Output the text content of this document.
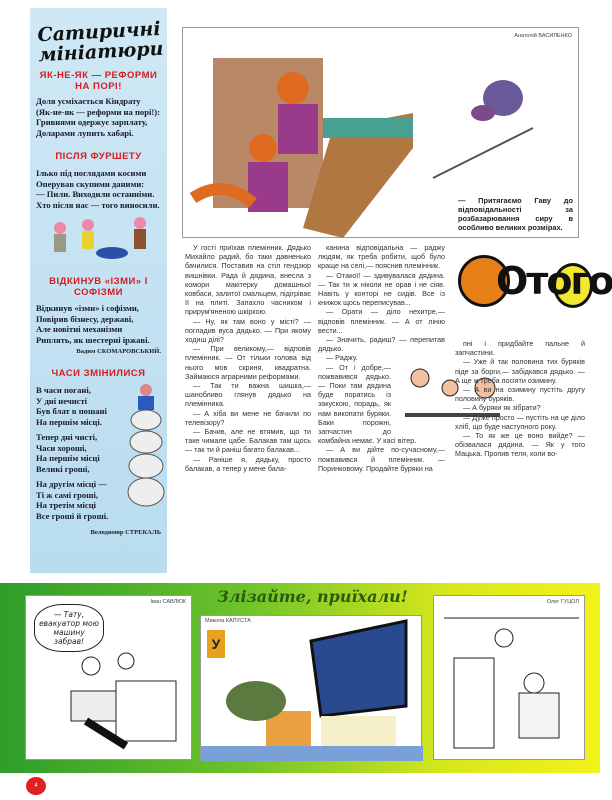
Сатиричні мініатюри
ЯК-НЕ-ЯК — РЕФОРМИ НА ПОРІ!
Доля усміхається Кіндрату
(Як-не-як — реформи на порі!):
Гривнями одержує зарплату,
Доларами лупить хабарі.
ПІСЛЯ ФУРШЕТУ
Ілько під поглядами косими
Оперував скупими даними:
— Пили. Виходили останніми.
Хто після нас — того виносили.
ВІДКИНУВ «ІЗМИ» І СОФІЗМИ
Відкинув «ізми» і софізми,
Повірив бізнесу, державі,
Але новітні механізми
Риплять, як шестерні іржаві.
Вадим СКОМАРОВСЬКИЙ.
ЧАСИ ЗМІНИЛИСЯ
В часи погані,
У дні нечисті
Був блат в пошані
На першім місці.
Тепер дні чисті,
Часи хороші,
На першім місці
Великі гроші,
На другім місці —
Ті ж самі гроші,
На третім місці
Все гроші й гроші.
Володимир СТРЕКАЛЬ
Анатолій ВАСИЛЕНКО
— Притягаємо Гаву до відповідальності за розбазарювання сиру в особливо великих розмірах.

У гості приїхав племінник. Дядько Михайло радий, бо таки давненько бачилися. Поставив на стіл гендзюр вишнівки. Рада й дядина, внесла з комори макітерку домашньої ковбаси, залитої смальцем, підігріває її на плиті. Запахло часником і прирум'яненою шкіркою.

— Ну, як там воно у місті? — погладив вуса дядько. — При якому ходиш ділі?

— При великому,— відповів племінник. — От тільки голова від нього мов скриня, квадратна. Займаюся аграрними реформами.

— Так ти важна шишка,— шанобливо глянув дядько на племінника.

— А хіба ви мене не бачили по телевізору?

— Бачив, але не втямив, що ти таке чимале цабе. Балакав там щось — так ти й раніш багато балакав...

— Раніше я, дядьку, просто балакав, а тепер у мене бала-

канина відповідальна — раджу людям, як треба робити, щоб було краще на селі,— пояснив племінник.

— Отакої! — здивувалася дядина. — Так ти ж ніколи не орав і не сіяв. Навіть у конторі не сидів. Все із книжок щось переписував...

— Орати — діло нехитре,— відповів племінник. — А от лінію вести...

— Значить, радиш? — перепитав дядько.

— Раджу.

— От і добре,— пожвавився дядько. — Поки там дядина буде поратись із закускою, порадь, як нам викопати буряки. Баки порожні, запчастин до комбайна немає. У касі вітер.

— А ви дійте по-сучасному,— пожвавився й племінник. — Поринковому. Продайте буряки на

Отого

пні і придбайте пальне й запчастини.

— Уже й так половина тих буряків піде за борги,— забідкався дядько. — А ще ж треба посіяти озимину.

— А ви на озимину пустіть другу половину буряків.

— А буряки як зібрати?

— Дуже просто — пустіть на це діло хліб, що буде наступного року.

— То як же це воно вийде? — обізвалася дядина. — Як у того Мацька. Пропив теля, коли во-

Іван САВЛЮК
— Тату, евакуатор мою машину забрав!
Злізайте, приїхали!
Микола КАПУСТА
У
Олег ГУЦОЛ
4
